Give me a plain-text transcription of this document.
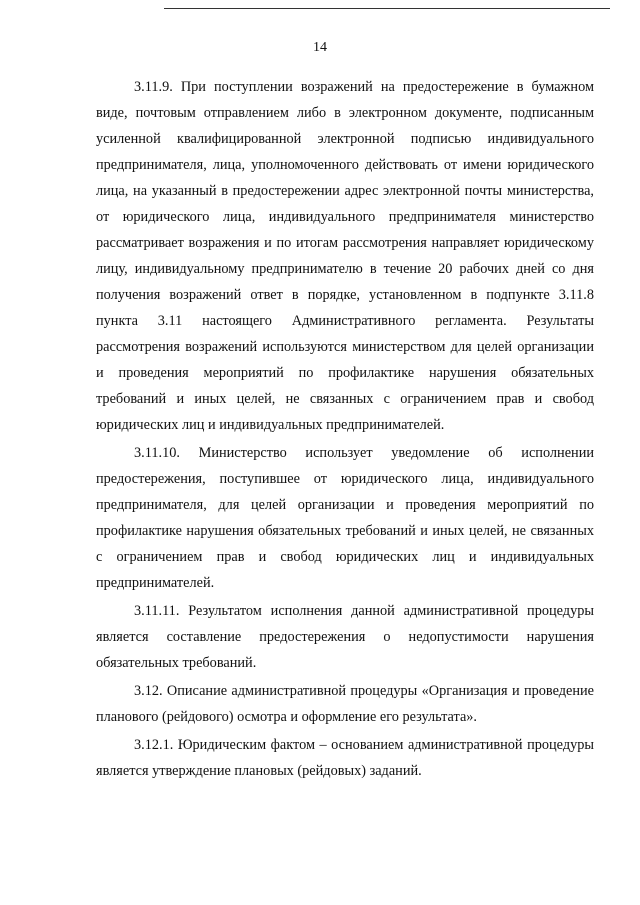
14

3.11.9. При поступлении возражений на предостережение в бумажном виде, почтовым отправлением либо в электронном документе, подписанным усиленной квалифицированной электронной подписью индивидуального предпринимателя, лица, уполномоченного действовать от имени юридического лица, на указанный в предостережении адрес электронной почты министерства, от юридического лица, индивидуального предпринимателя министерство рассматривает возражения и по итогам рассмотрения направляет юридическому лицу, индивидуальному предпринимателю в течение 20 рабочих дней со дня получения возражений ответ в порядке, установленном в подпункте 3.11.8 пункта 3.11 настоящего Административного регламента. Результаты рассмотрения возражений используются министерством для целей организации и проведения мероприятий по профилактике нарушения обязательных требований и иных целей, не связанных с ограничением прав и свобод юридических лиц и индивидуальных предпринимателей.

3.11.10. Министерство использует уведомление об исполнении предостережения, поступившее от юридического лица, индивидуального предпринимателя, для целей организации и проведения мероприятий по профилактике нарушения обязательных требований и иных целей, не связанных с ограничением прав и свобод юридических лиц и индивидуальных предпринимателей.

3.11.11. Результатом исполнения данной административной процедуры является составление предостережения о недопустимости нарушения обязательных требований.

3.12. Описание административной процедуры «Организация и проведение планового (рейдового) осмотра и оформление его результата».

3.12.1. Юридическим фактом – основанием административной процедуры является утверждение плановых (рейдовых) заданий.
